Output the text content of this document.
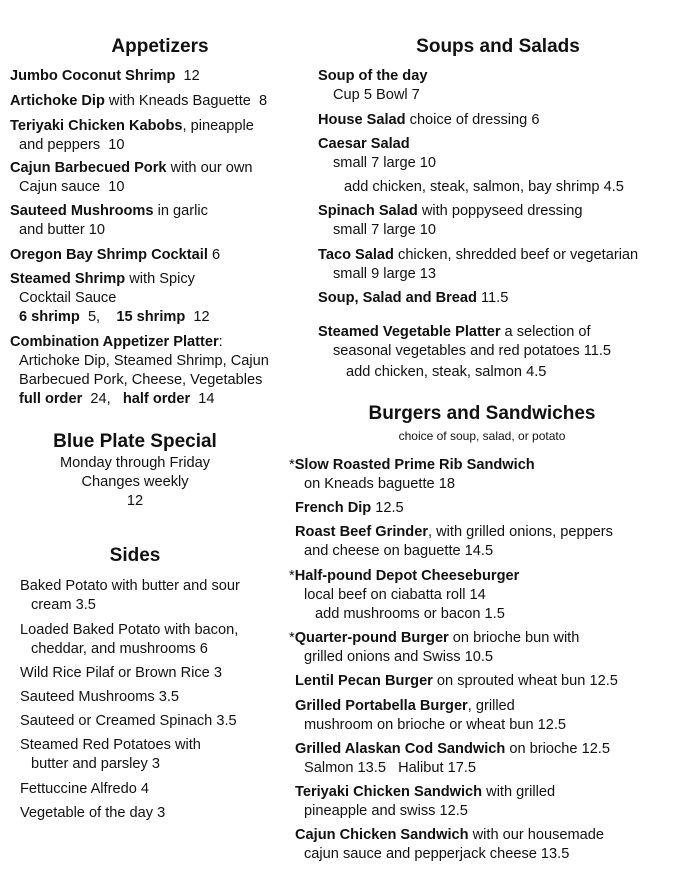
Appetizers
Jumbo Coconut Shrimp 12
Artichoke Dip with Kneads Baguette 8
Teriyaki Chicken Kabobs, pineapple
and peppers 10
Cajun Barbecued Pork with our own
Cajun sauce 10
Sauteed Mushrooms in garlic
and butter 10
Oregon Bay Shrimp Cocktail 6
Steamed Shrimp with Spicy
Cocktail Sauce
6 shrimp 5, 15 shrimp 12
Combination Appetizer Platter:
Artichoke Dip, Steamed Shrimp, Cajun
Barbecued Pork, Cheese, Vegetables
full order 24, half order 14
Blue Plate Special
Monday through Friday
Changes weekly
12
Sides
Baked Potato with butter and sour
cream 3.5
Loaded Baked Potato with bacon,
cheddar, and mushrooms 6
Wild Rice Pilaf or Brown Rice 3
Sauteed Mushrooms 3.5
Sauteed or Creamed Spinach 3.5
Steamed Red Potatoes with
butter and parsley 3
Fettuccine Alfredo 4
Vegetable of the day 3
Soups and Salads
Soup of the day
Cup 5 Bowl 7
House Salad choice of dressing 6
Caesar Salad
small 7 large 10
add chicken, steak, salmon, bay shrimp 4.5
Spinach Salad with poppyseed dressing
small 7 large 10
Taco Salad chicken, shredded beef or vegetarian
small 9 large 13
Soup, Salad and Bread 11.5
Steamed Vegetable Platter a selection of
seasonal vegetables and red potatoes 11.5
add chicken, steak, salmon 4.5
Burgers and Sandwiches
choice of soup, salad, or potato
*Slow Roasted Prime Rib Sandwich
on Kneads baguette 18
French Dip 12.5
Roast Beef Grinder, with grilled onions, peppers
and cheese on baguette 14.5
*Half-pound Depot Cheeseburger
local beef on ciabatta roll 14
add mushrooms or bacon 1.5
*Quarter-pound Burger on brioche bun with
grilled onions and Swiss 10.5
Lentil Pecan Burger on sprouted wheat bun 12.5
Grilled Portabella Burger, grilled
mushroom on brioche or wheat bun 12.5
Grilled Alaskan Cod Sandwich on brioche 12.5
Salmon 13.5   Halibut 17.5
Teriyaki Chicken Sandwich with grilled
pineapple and swiss 12.5
Cajun Chicken Sandwich with our housemade
cajun sauce and pepperjack cheese 13.5
